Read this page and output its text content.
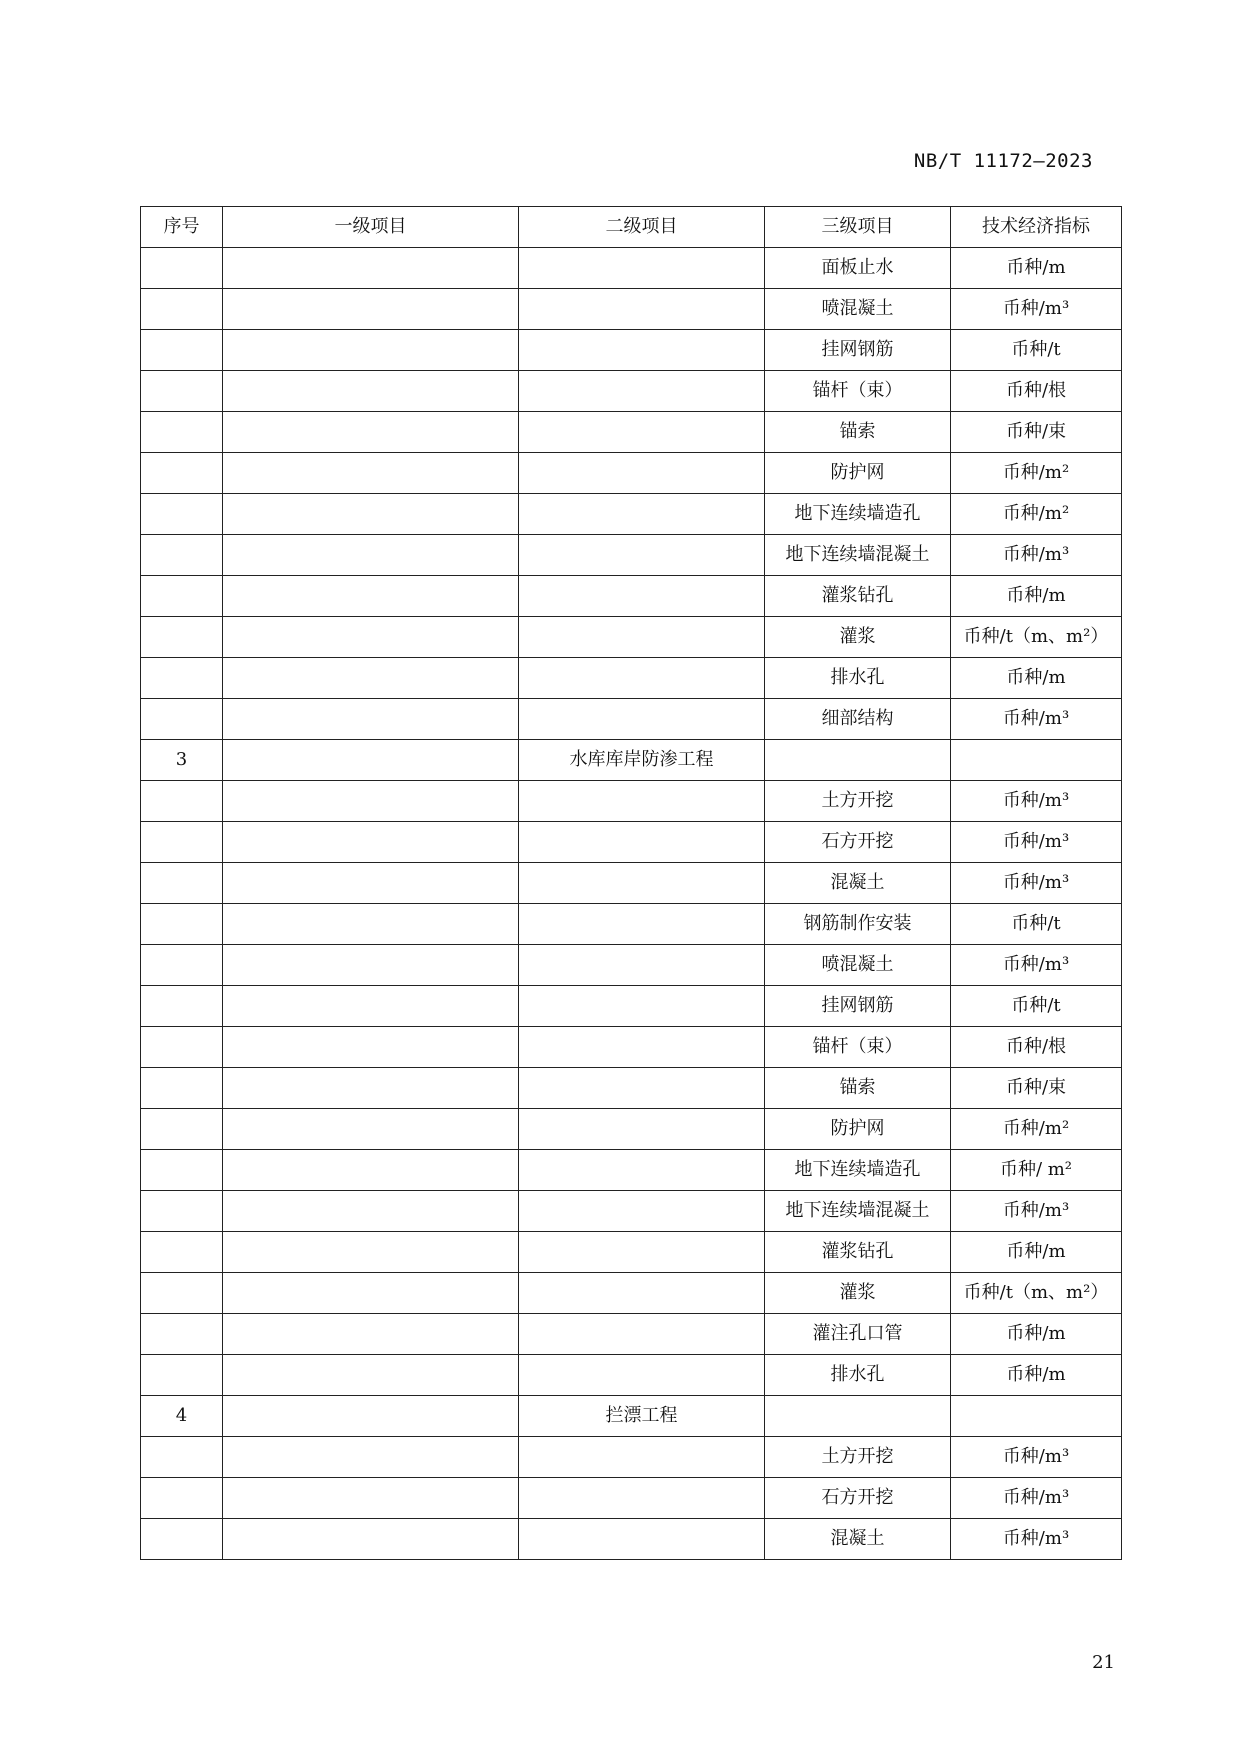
NB/T 11172—2023
序号	一级项目	二级项目	三级项目	技术经济指标
			面板止水	币种/m
			喷混凝土	币种/m³
			挂网钢筋	币种/t
			锚杆（束）	币种/根
			锚索	币种/束
			防护网	币种/m²
			地下连续墙造孔	币种/m²
			地下连续墙混凝土	币种/m³
			灌浆钻孔	币种/m
			灌浆	币种/t（m、m²）
			排水孔	币种/m
			细部结构	币种/m³
3		水库库岸防渗工程		
			土方开挖	币种/m³
			石方开挖	币种/m³
			混凝土	币种/m³
			钢筋制作安装	币种/t
			喷混凝土	币种/m³
			挂网钢筋	币种/t
			锚杆（束）	币种/根
			锚索	币种/束
			防护网	币种/m²
			地下连续墙造孔	币种/ m²
			地下连续墙混凝土	币种/m³
			灌浆钻孔	币种/m
			灌浆	币种/t（m、m²）
			灌注孔口管	币种/m
			排水孔	币种/m
4		拦漂工程		
			土方开挖	币种/m³
			石方开挖	币种/m³
			混凝土	币种/m³
21
